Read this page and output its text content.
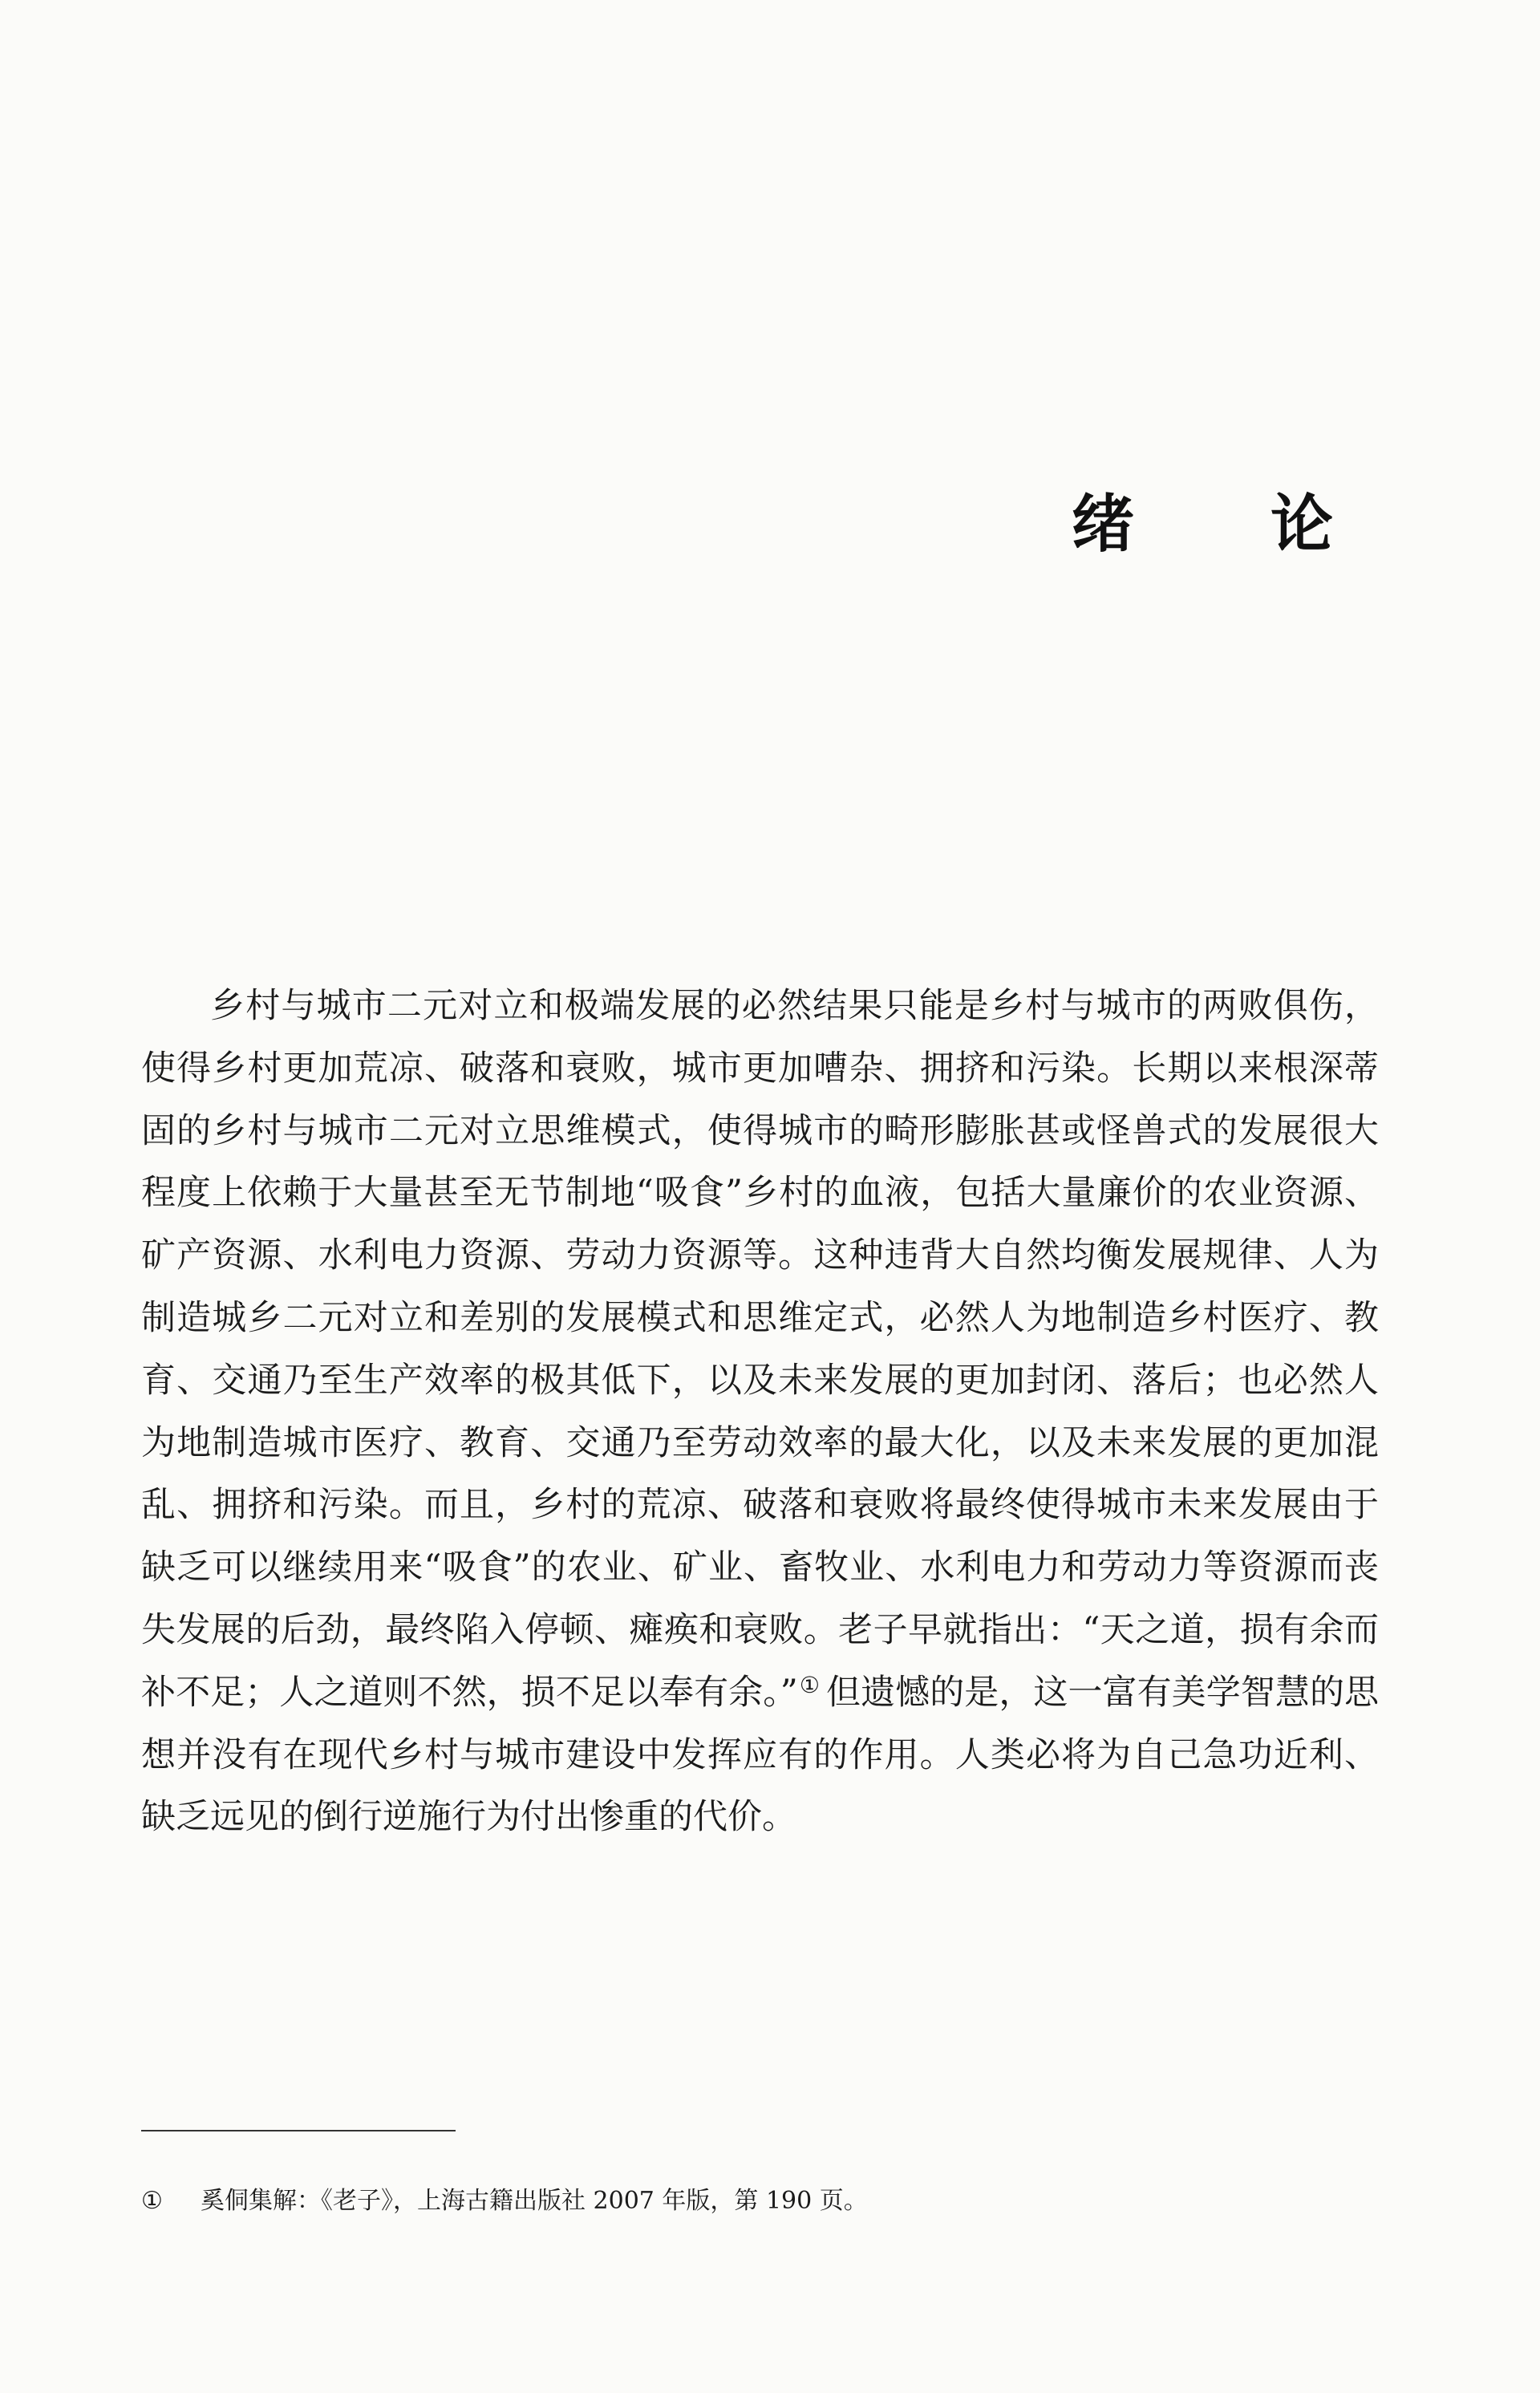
绪 论

乡村与城市二元对立和极端发展的必然结果只能是乡村与城市的两败俱伤，使得乡村更加荒凉、破落和衰败，城市更加嘈杂、拥挤和污染。长期以来根深蒂固的乡村与城市二元对立思维模式，使得城市的畸形膨胀甚或怪兽式的发展很大程度上依赖于大量甚至无节制地“吸食”乡村的血液，包括大量廉价的农业资源、矿产资源、水利电力资源、劳动力资源等。这种违背大自然均衡发展规律、人为制造城乡二元对立和差别的发展模式和思维定式，必然人为地制造乡村医疗、教育、交通乃至生产效率的极其低下，以及未来发展的更加封闭、落后；也必然人为地制造城市医疗、教育、交通乃至劳动效率的最大化，以及未来发展的更加混乱、拥挤和污染。而且，乡村的荒凉、破落和衰败将最终使得城市未来发展由于缺乏可以继续用来“吸食”的农业、矿业、畜牧业、水利电力和劳动力等资源而丧失发展的后劲，最终陷入停顿、瘫痪和衰败。老子早就指出：“天之道，损有余而补不足；人之道则不然，损不足以奉有余。”① 但遗憾的是，这一富有美学智慧的思想并没有在现代乡村与城市建设中发挥应有的作用。人类必将为自己急功近利、缺乏远见的倒行逆施行为付出惨重的代价。

① 奚侗集解：《老子》，上海古籍出版社 2007 年版，第 190 页。
